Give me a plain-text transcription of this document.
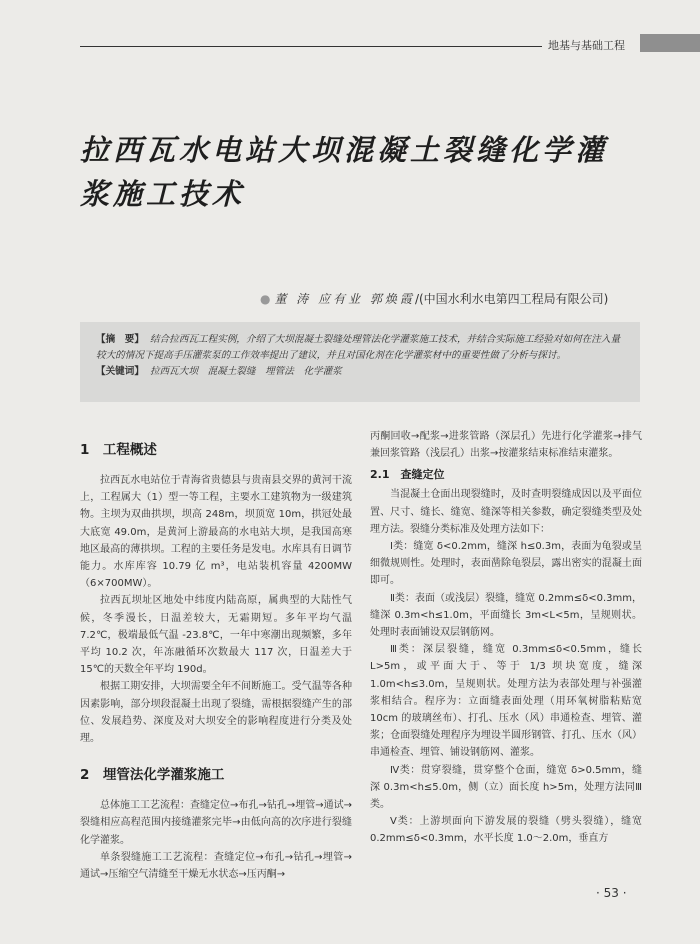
地基与基础工程
拉西瓦水电站大坝混凝土裂缝化学灌浆施工技术
● 董 涛 应有业 郭焕霞/(中国水利水电第四工程局有限公司)
【摘　要】 结合拉西瓦工程实例，介绍了大坝混凝土裂缝处理管法化学灌浆施工技术，并结合实际施工经验对如何在注入量较大的情况下提高手压灌浆泵的工作效率提出了建议，并且对国化剂在化学灌浆材中的重要性做了分析与探讨。
【关键词】 拉西瓦大坝　混凝土裂缝　埋管法　化学灌浆
1　工程概述

拉西瓦水电站位于青海省贵德县与贵南县交界的黄河干流上，工程属大（1）型一等工程，主要水工建筑物为一级建筑物。主坝为双曲拱坝，坝高 248m，坝顶宽 10m，拱冠处最大底宽 49.0m，是黄河上游最高的水电站大坝，是我国高寒地区最高的薄拱坝。工程的主要任务是发电。水库具有日调节能力。水库库容 10.79 亿 m³，电站装机容量 4200MW（6×700MW）。

拉西瓦坝址区地处中纬度内陆高原，属典型的大陆性气候，冬季漫长，日温差较大，无霜期短。多年平均气温 7.2℃，极端最低气温 -23.8℃，一年中寒潮出现频繁，多年平均 10.2 次，年冻融循环次数最大 117 次，日温差大于 15℃的天数全年平均 190d。

根据工期安排，大坝需要全年不间断施工。受气温等各种因素影响，部分坝段混凝土出现了裂缝，需根据裂缝产生的部位、发展趋势、深度及对大坝安全的影响程度进行分类及处理。

2　埋管法化学灌浆施工

总体施工工艺流程：查缝定位→布孔→钻孔→埋管→通试→裂缝相应高程范围内接缝灌浆完毕→由低向高的次序进行裂缝化学灌浆。

单条裂缝施工工艺流程：查缝定位→布孔→钻孔→埋管→通试→压缩空气清缝至干燥无水状态→压丙酮→

丙酮回收→配浆→进浆管路（深层孔）先进行化学灌浆→排气兼回浆管路（浅层孔）出浆→按灌浆结束标准结束灌浆。

2.1　查缝定位

当混凝土仓面出现裂缝时，及时查明裂缝成因以及平面位置、尺寸、缝长、缝宽、缝深等相关参数，确定裂缝类型及处理方法。裂缝分类标准及处理方法如下：

Ⅰ类：缝宽 δ<0.2mm，缝深 h≤0.3m，表面为龟裂或呈细微规则性。处理时，表面凿除龟裂层，露出密实的混凝土面即可。

Ⅱ类：表面（或浅层）裂缝，缝宽 0.2mm≤δ<0.3mm，缝深 0.3m<h≤1.0m，平面缝长 3m<L<5m，呈规则状。处理时表面铺设双层钢筋网。

Ⅲ类：深层裂缝，缝宽 0.3mm≤δ<0.5mm，缝长 L>5m，或平面大于、等于 1/3 坝块宽度，缝深 1.0m<h≤3.0m，呈规则状。处理方法为表部处理与补强灌浆相结合。程序为：立面缝表面处理（用环氧树脂粘贴宽 10cm 的玻璃丝布）、打孔、压水（风）串通检查、埋管、灌浆；仓面裂缝处理程序为埋设半圆形钢管、打孔、压水（风）串通检查、埋管、铺设钢筋网、灌浆。

Ⅳ类：贯穿裂缝，贯穿整个仓面，缝宽 δ>0.5mm，缝深 0.3m<h≤5.0m，侧（立）面长度 h>5m，处理方法同Ⅲ类。

Ⅴ类：上游坝面向下游发展的裂缝（劈头裂缝），缝宽 0.2mm≤δ<0.3mm，水平长度 1.0～2.0m，垂直方

· 53 ·
